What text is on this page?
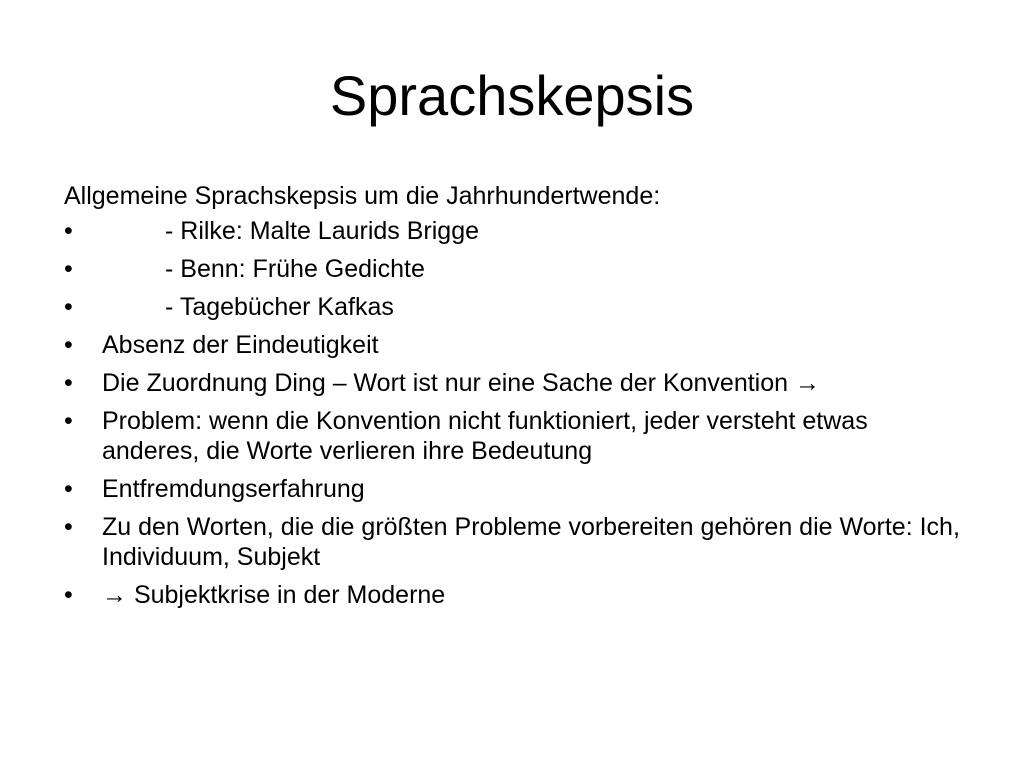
Sprachskepsis

Allgemeine Sprachskepsis um die Jahrhundertwende:

•	- Rilke: Malte Laurids Brigge
•	- Benn: Frühe Gedichte
•	- Tagebücher Kafkas
•	Absenz der Eindeutigkeit
•	Die Zuordnung Ding – Wort ist nur eine Sache der Konvention →
•	Problem: wenn die Konvention nicht funktioniert, jeder versteht etwas anderes, die Worte verlieren ihre Bedeutung
•	Entfremdungserfahrung
•	Zu den Worten, die die größten Probleme vorbereiten gehören die Worte: Ich, Individuum, Subjekt
•	→ Subjektkrise in der Moderne
